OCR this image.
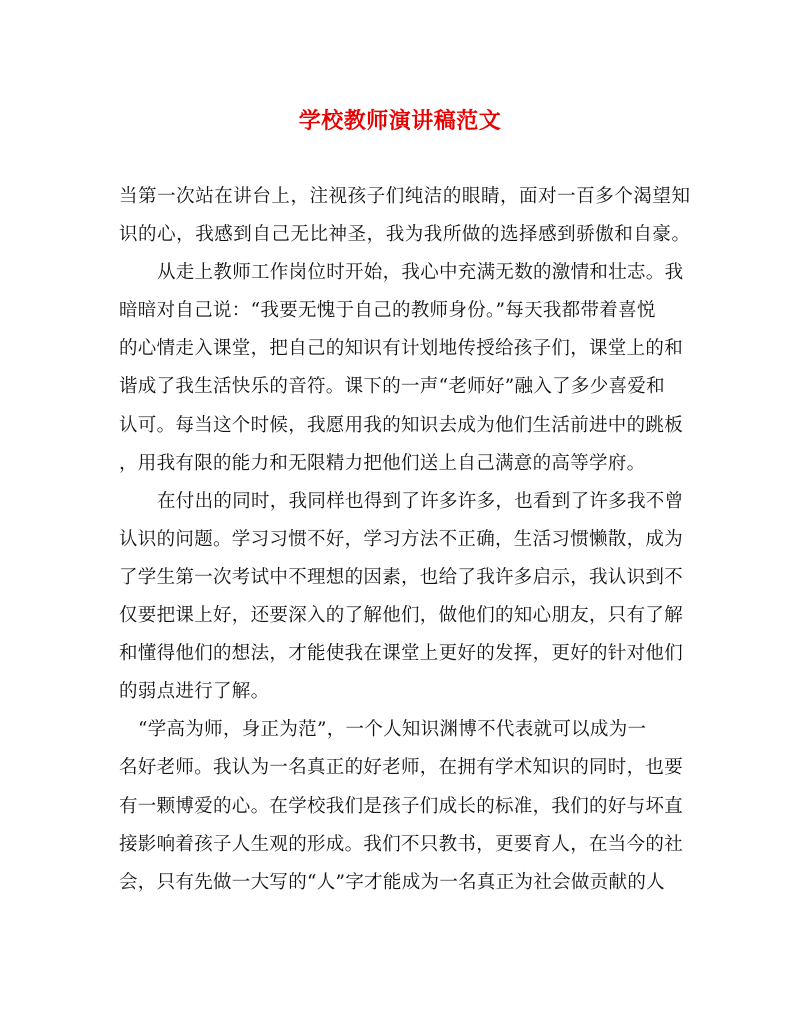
学校教师演讲稿范文
当第一次站在讲台上，注视孩子们纯洁的眼睛，面对一百多个渴望知
识的心，我感到自己无比神圣，我为我所做的选择感到骄傲和自豪。
从走上教师工作岗位时开始，我心中充满无数的激情和壮志。我
暗暗对自己说：“我要无愧于自己的教师身份。”每天我都带着喜悦
的心情走入课堂，把自己的知识有计划地传授给孩子们，课堂上的和
谐成了我生活快乐的音符。课下的一声“老师好”融入了多少喜爱和
认可。每当这个时候，我愿用我的知识去成为他们生活前进中的跳板
，用我有限的能力和无限精力把他们送上自己满意的高等学府。
在付出的同时，我同样也得到了许多许多，也看到了许多我不曾
认识的问题。学习习惯不好，学习方法不正确，生活习惯懒散，成为
了学生第一次考试中不理想的因素，也给了我许多启示，我认识到不
仅要把课上好，还要深入的了解他们，做他们的知心朋友，只有了解
和懂得他们的想法，才能使我在课堂上更好的发挥，更好的针对他们
的弱点进行了解。
“学高为师，身正为范”，一个人知识渊博不代表就可以成为一
名好老师。我认为一名真正的好老师，在拥有学术知识的同时，也要
有一颗博爱的心。在学校我们是孩子们成长的标准，我们的好与坏直
接影响着孩子人生观的形成。我们不只教书，更要育人，在当今的社
会，只有先做一大写的“人”字才能成为一名真正为社会做贡献的人
